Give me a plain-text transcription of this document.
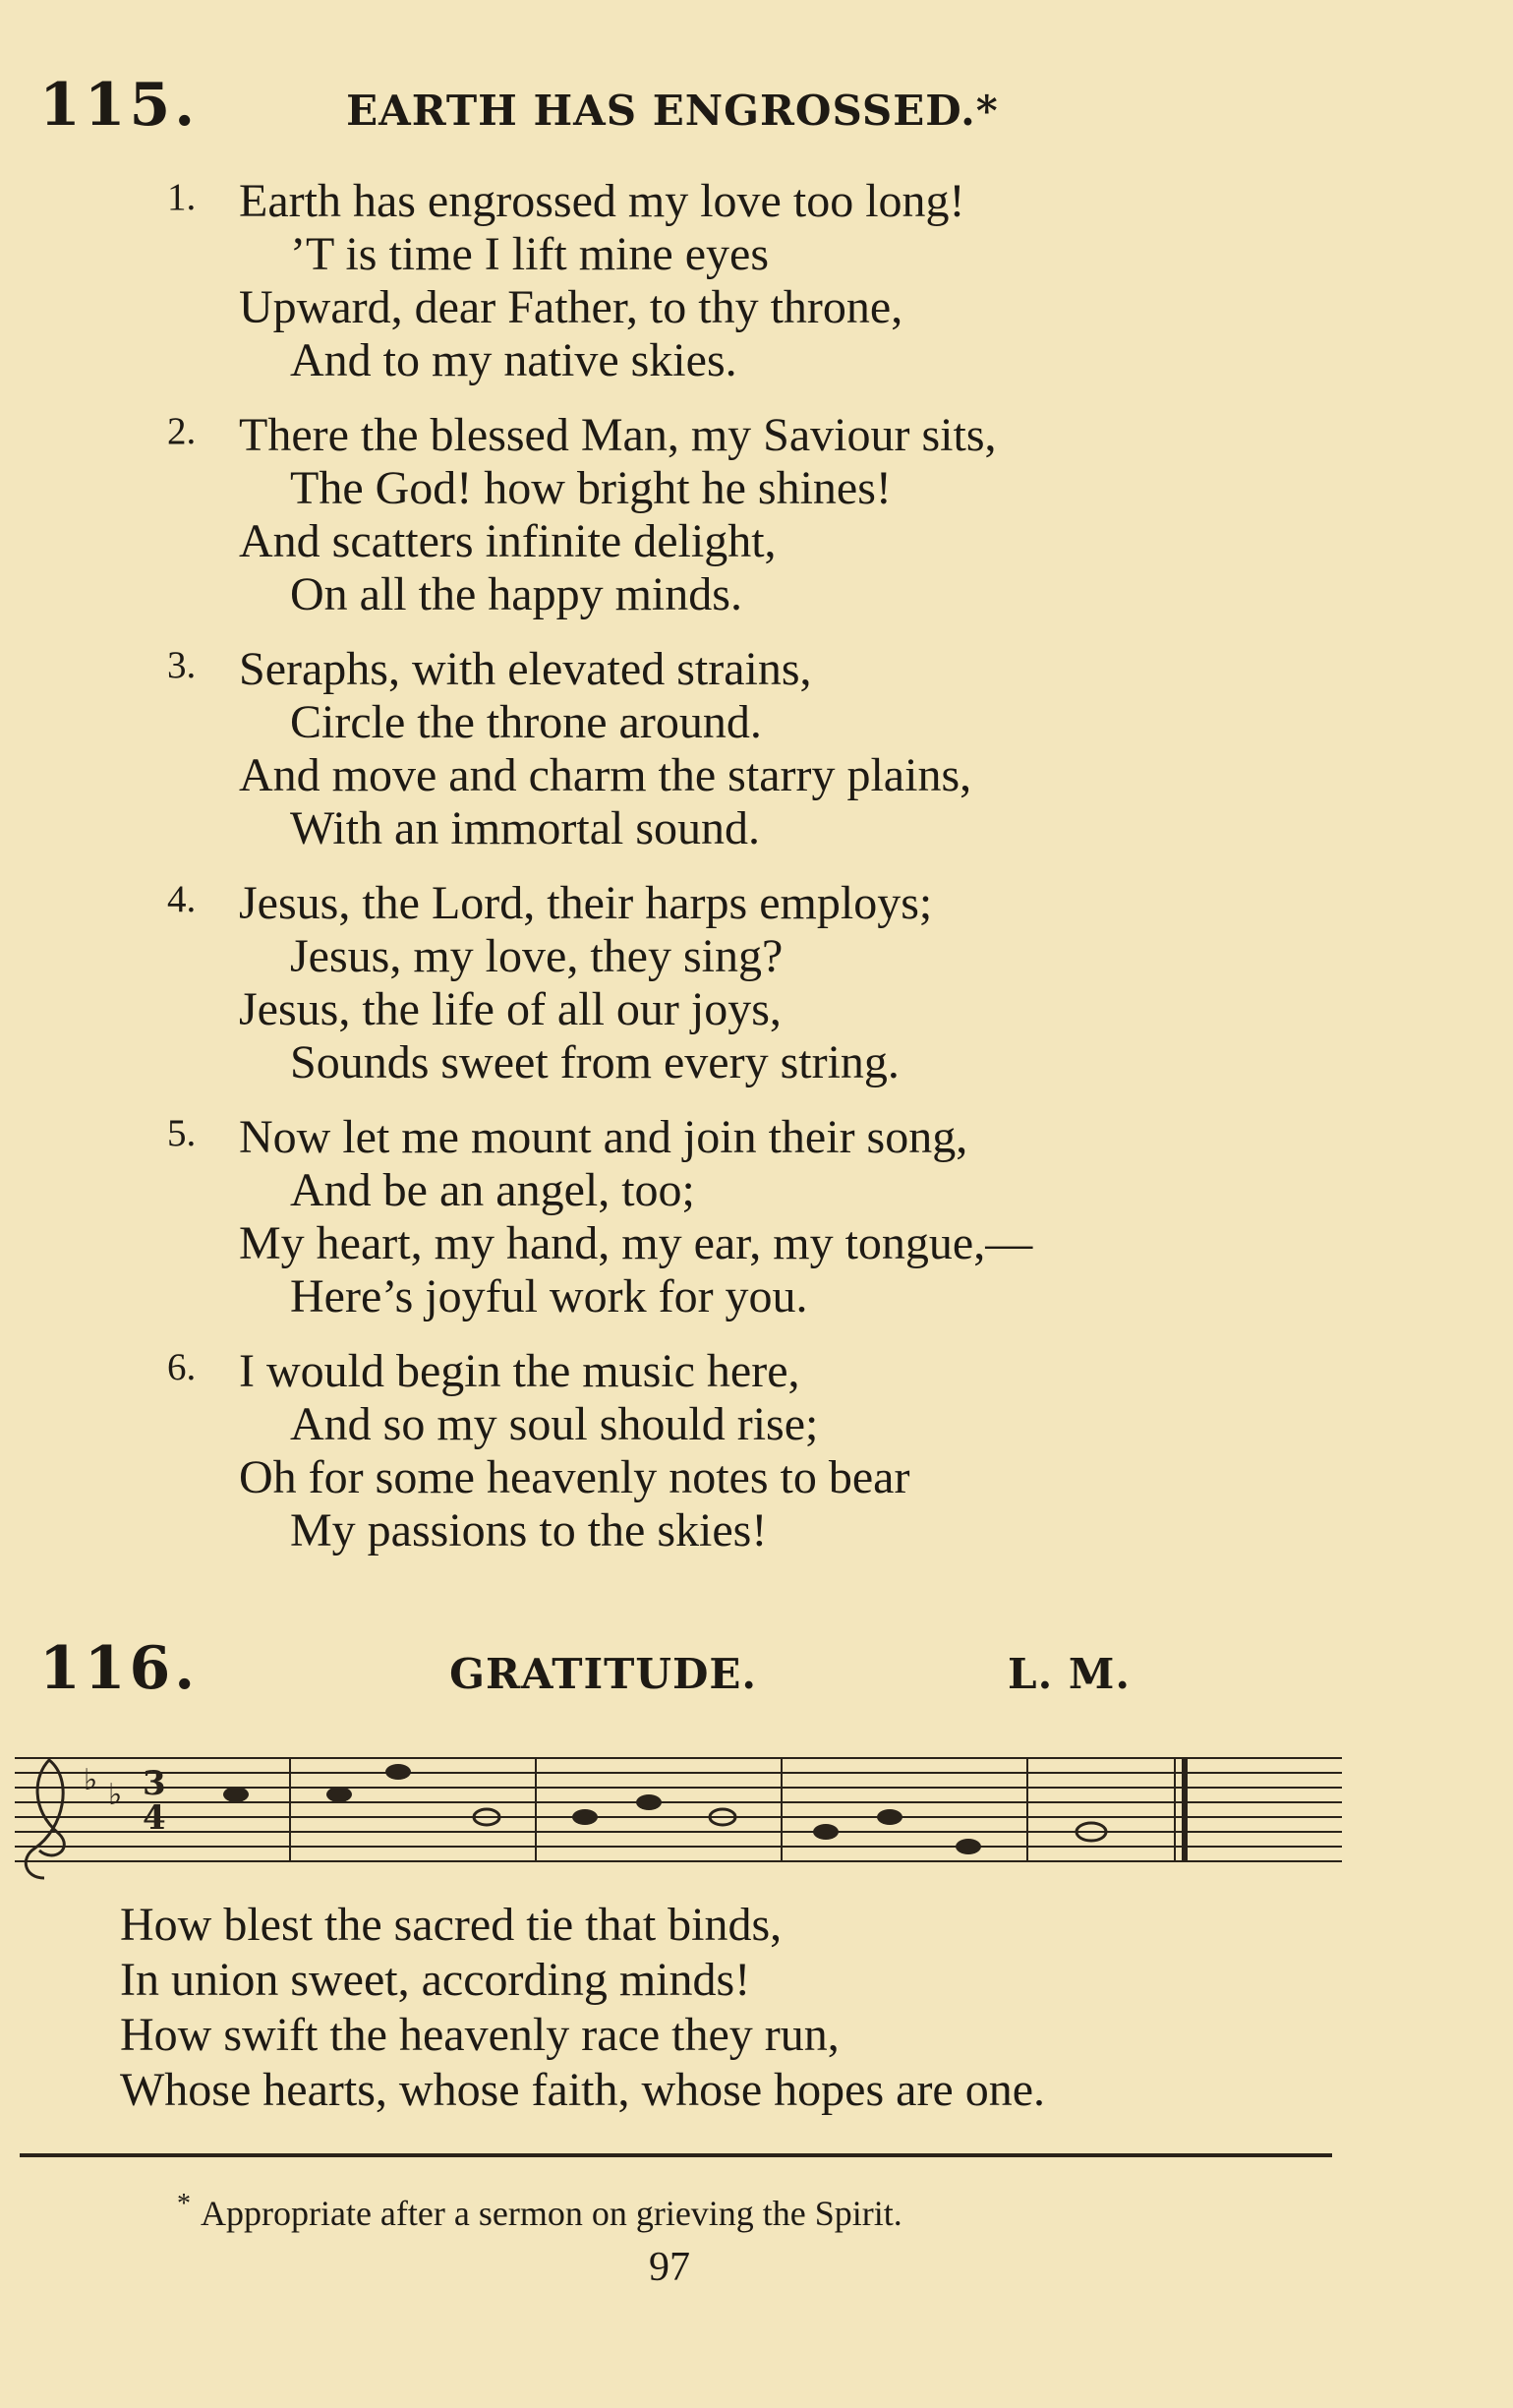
115.	EARTH HAS ENGROSSED.*
1. Earth has engrossed my love too long!
’T is time I lift mine eyes
Upward, dear Father, to thy throne,
And to my native skies.
2. There the blessed Man, my Saviour sits,
The God! how bright he shines!
And scatters infinite delight,
On all the happy minds.
3. Seraphs, with elevated strains,
Circle the throne around.
And move and charm the starry plains,
With an immortal sound.
4. Jesus, the Lord, their harps employs;
Jesus, my love, they sing?
Jesus, the life of all our joys,
Sounds sweet from every string.
5. Now let me mount and join their song,
And be an angel, too;
My heart, my hand, my ear, my tongue,—
Here’s joyful work for you.
6. I would begin the music here,
And so my soul should rise;
Oh for some heavenly notes to bear
My passions to the skies!
116.	GRATITUDE.	L. M.
♭ ♭ 3
4
How blest the sacred tie that binds,
In union sweet, according minds!
How swift the heavenly race they run,
Whose hearts, whose faith, whose hopes are one.
* Appropriate after a sermon on grieving the Spirit.
97
